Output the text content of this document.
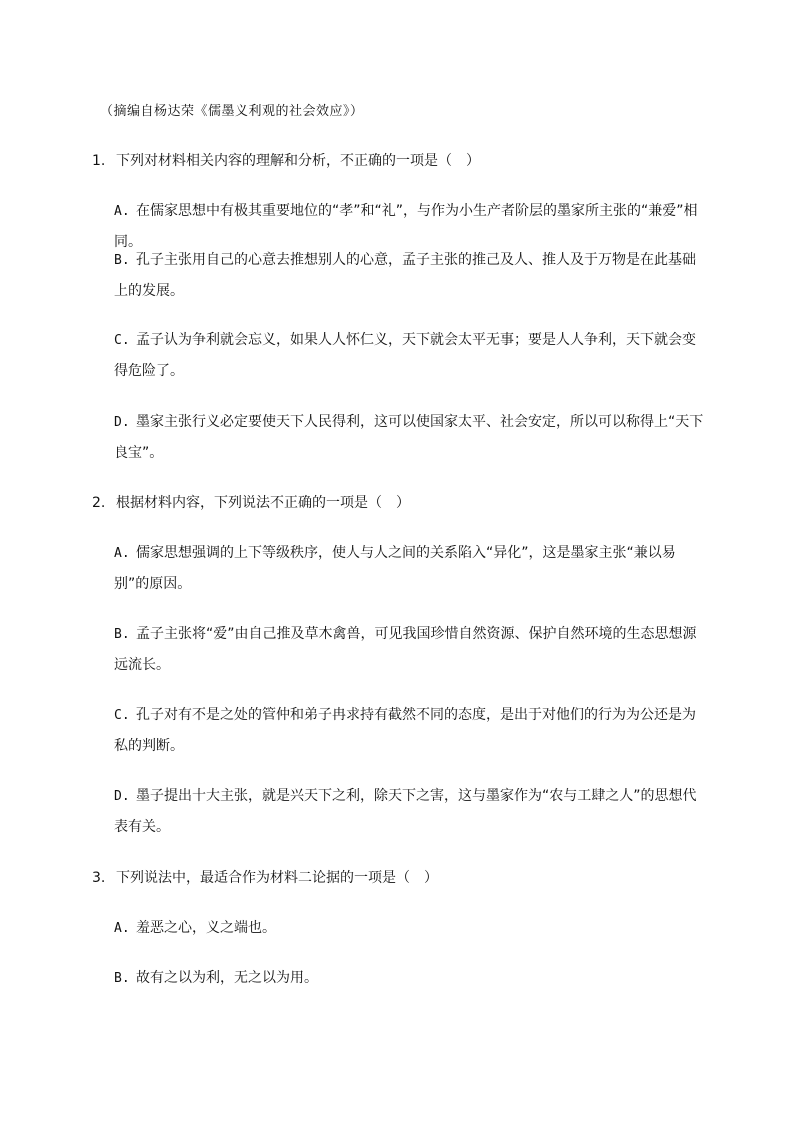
（摘编自杨达荣《儒墨义利观的社会效应》）
1. 下列对材料相关内容的理解和分析，不正确的一项是（　）
A. 在儒家思想中有极其重要地位的“孝”和“礼”，与作为小生产者阶层的墨家所主张的“兼爱”相同。
B. 孔子主张用自己的心意去推想别人的心意，孟子主张的推己及人、推人及于万物是在此基础上的发展。
C. 孟子认为争利就会忘义，如果人人怀仁义，天下就会太平无事；要是人人争利，天下就会变得危险了。
D. 墨家主张行义必定要使天下人民得利，这可以使国家太平、社会安定，所以可以称得上“天下良宝”。
2. 根据材料内容，下列说法不正确的一项是（　）
A. 儒家思想强调的上下等级秩序，使人与人之间的关系陷入“异化”，这是墨家主张“兼以易别”的原因。
B. 孟子主张将“爱”由自己推及草木禽兽，可见我国珍惜自然资源、保护自然环境的生态思想源远流长。
C. 孔子对有不是之处的管仲和弟子冉求持有截然不同的态度，是出于对他们的行为为公还是为私的判断。
D. 墨子提出十大主张，就是兴天下之利，除天下之害，这与墨家作为“农与工肆之人”的思想代表有关。
3. 下列说法中，最适合作为材料二论据的一项是（　）
A. 羞恶之心，义之端也。
B. 故有之以为利，无之以为用。
